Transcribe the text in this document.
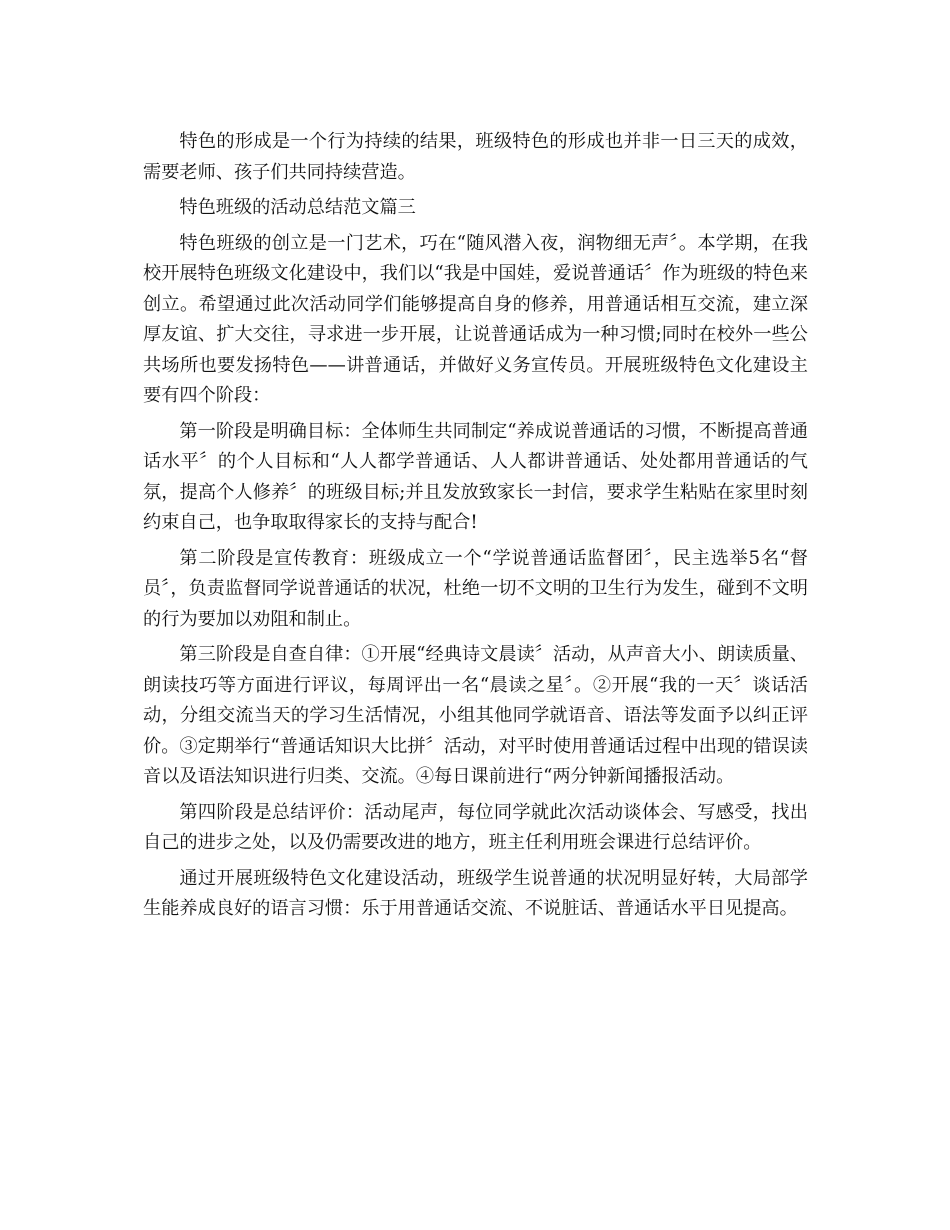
特色的形成是一个行为持续的结果，班级特色的形成也并非一日三天的成效，需要老师、孩子们共同持续营造。

特色班级的活动总结范文篇三

特色班级的创立是一门艺术，巧在“随风潜入夜，润物细无声〞。本学期，在我校开展特色班级文化建设中，我们以“我是中国娃，爱说普通话〞作为班级的特色来创立。希望通过此次活动同学们能够提高自身的修养，用普通话相互交流，建立深厚友谊、扩大交往，寻求进一步开展，让说普通话成为一种习惯;同时在校外一些公共场所也要发扬特色——讲普通话，并做好义务宣传员。开展班级特色文化建设主要有四个阶段：

第一阶段是明确目标：全体师生共同制定“养成说普通话的习惯，不断提高普通话水平〞的个人目标和“人人都学普通话、人人都讲普通话、处处都用普通话的气氛，提高个人修养〞的班级目标;并且发放致家长一封信，要求学生粘贴在家里时刻约束自己，也争取取得家长的支持与配合!

第二阶段是宣传教育：班级成立一个“学说普通话监督团〞，民主选举5名“督员〞，负责监督同学说普通话的状况，杜绝一切不文明的卫生行为发生，碰到不文明的行为要加以劝阻和制止。

第三阶段是自查自律：①开展“经典诗文晨读〞活动，从声音大小、朗读质量、朗读技巧等方面进行评议，每周评出一名“晨读之星〞。②开展“我的一天〞谈话活动，分组交流当天的学习生活情况，小组其他同学就语音、语法等发面予以纠正评价。③定期举行“普通话知识大比拼〞活动，对平时使用普通话过程中出现的错误读音以及语法知识进行归类、交流。④每日课前进行“两分钟新闻播报活动。

第四阶段是总结评价：活动尾声，每位同学就此次活动谈体会、写感受，找出自己的进步之处，以及仍需要改进的地方，班主任利用班会课进行总结评价。

通过开展班级特色文化建设活动，班级学生说普通的状况明显好转，大局部学生能养成良好的语言习惯：乐于用普通话交流、不说脏话、普通话水平日见提高。
